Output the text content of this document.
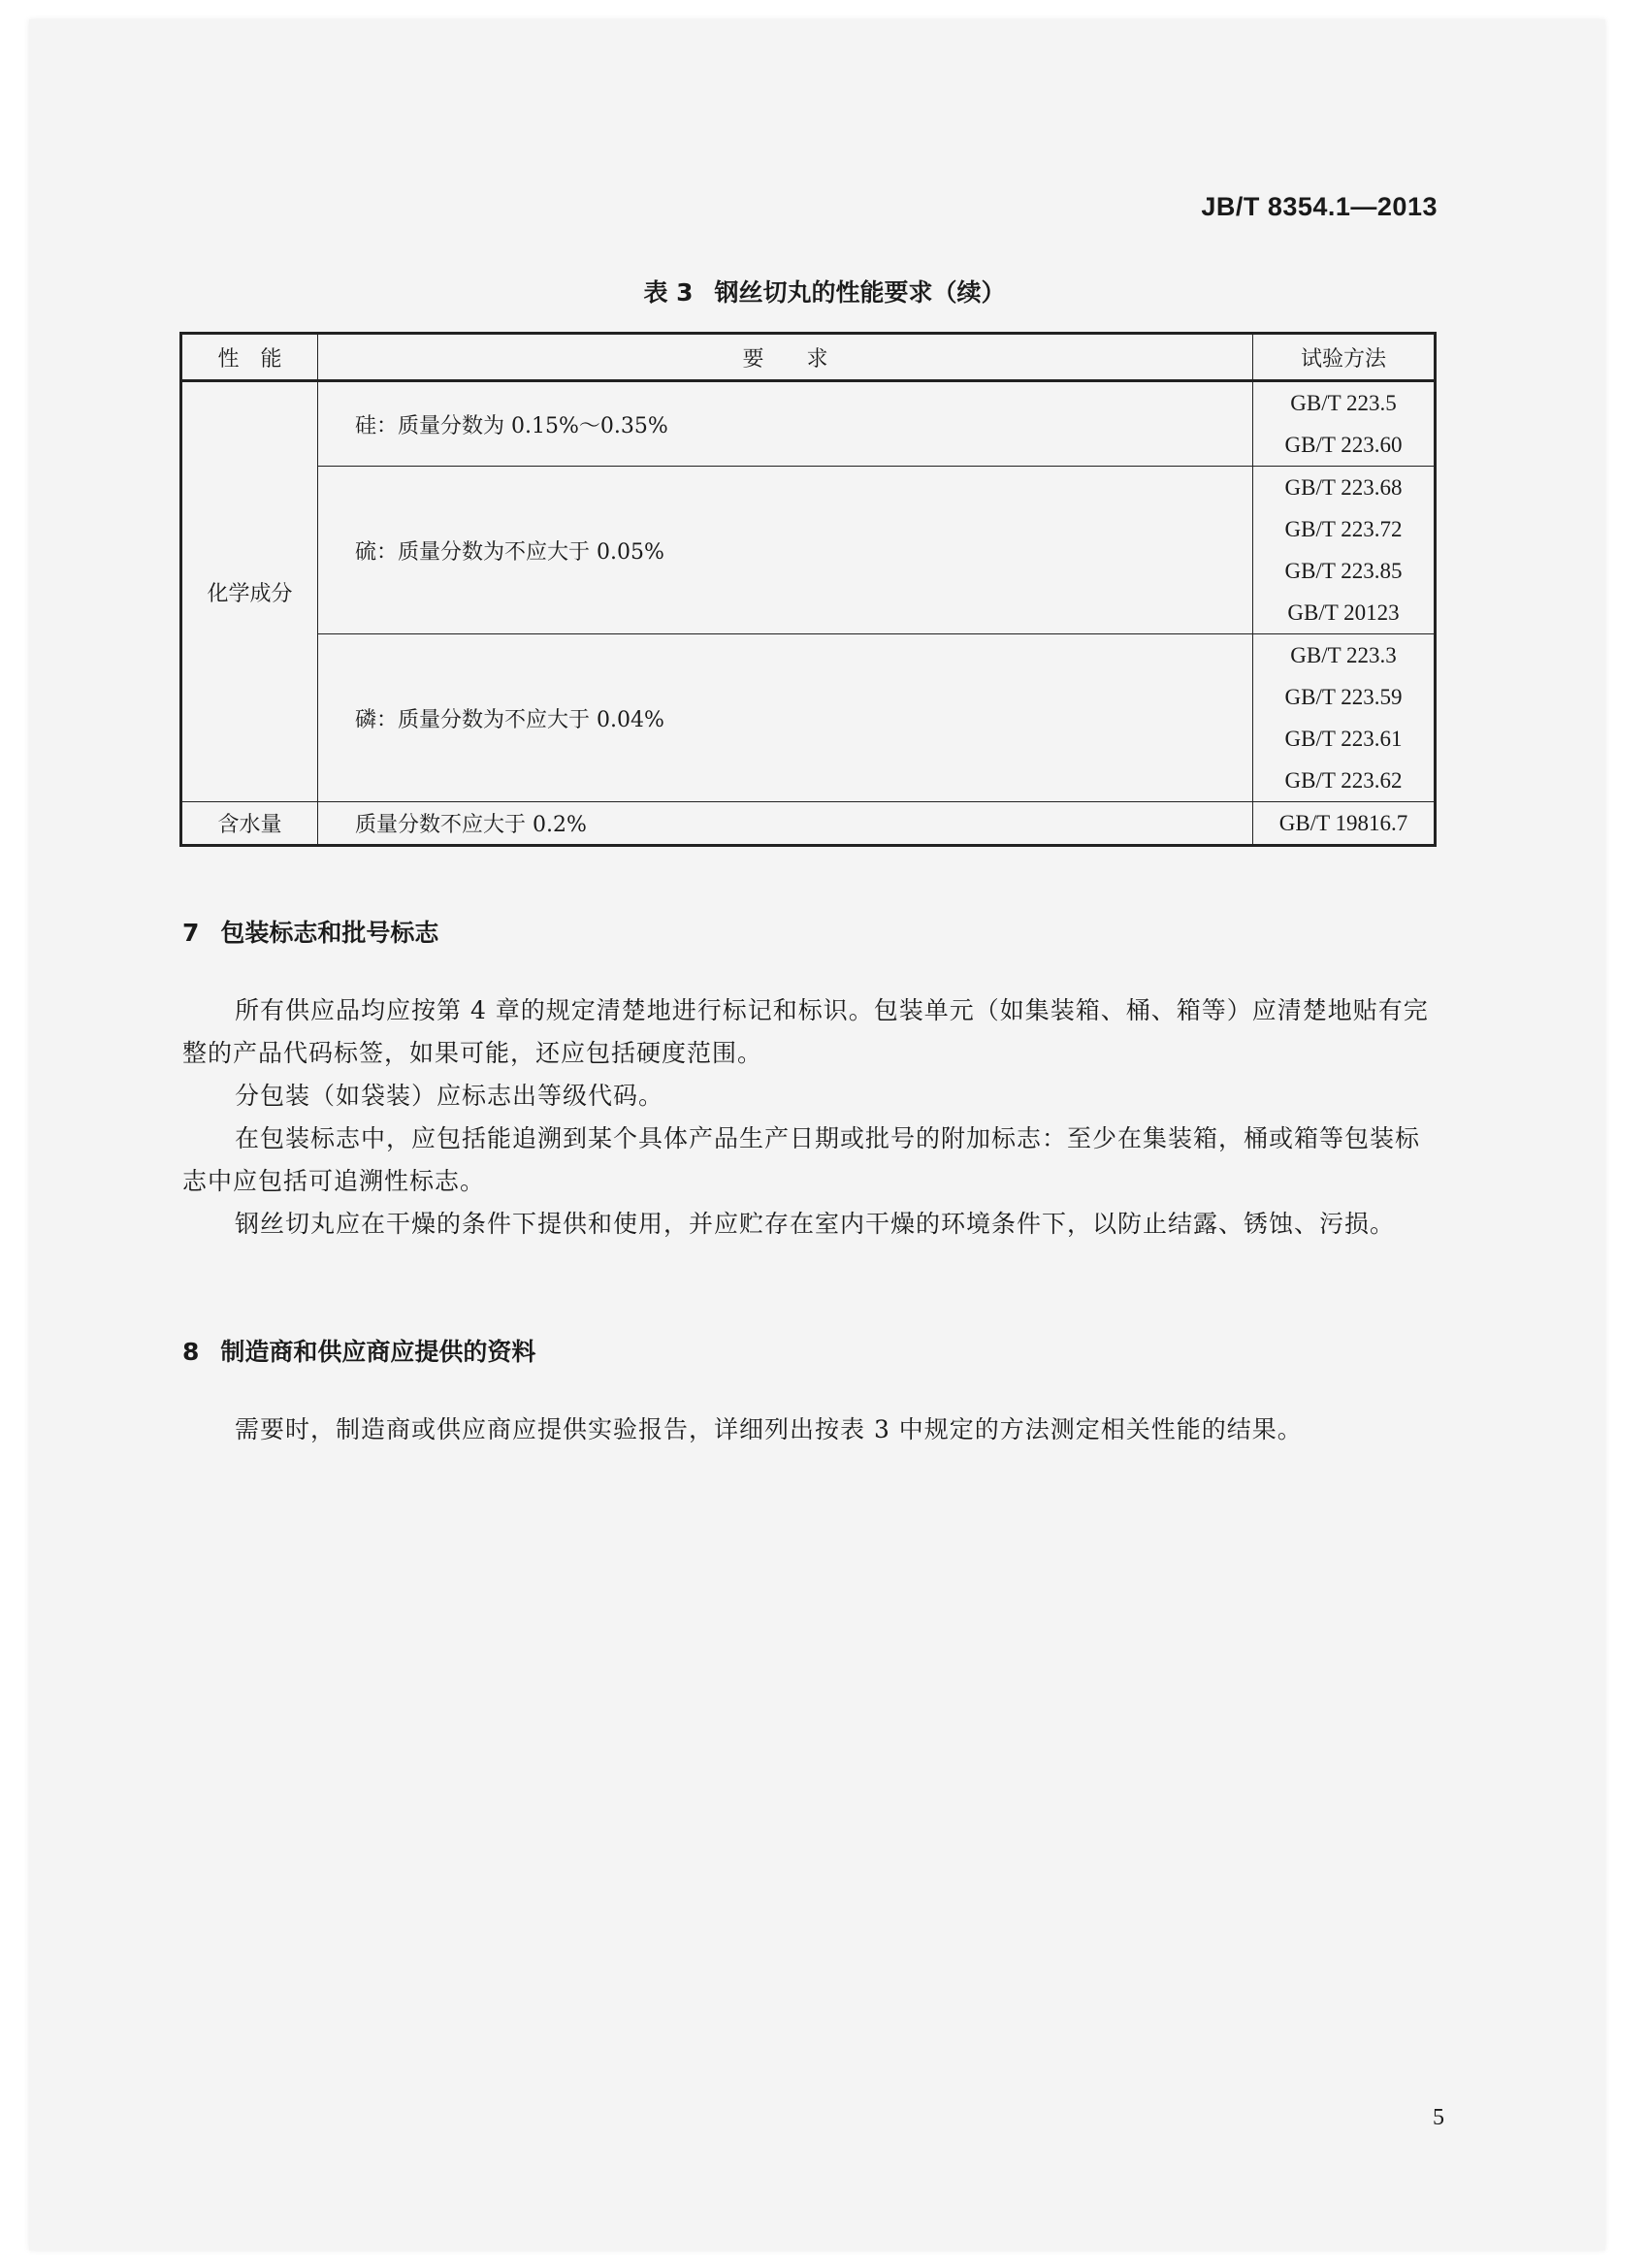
JB/T 8354.1—2013
表 3 钢丝切丸的性能要求（续）
性　能	要　　求	试验方法
化学成分	硅：质量分数为 0.15%～0.35%	GB/T 223.5
GB/T 223.60

	硫：质量分数为不应大于 0.05%	GB/T 223.68
GB/T 223.72
GB/T 223.85
GB/T 20123

	磷：质量分数为不应大于 0.04%	GB/T 223.3
GB/T 223.59
GB/T 223.61
GB/T 223.62

含水量	质量分数不应大于 0.2%	GB/T 19816.7
7 包装标志和批号标志
所有供应品均应按第 4 章的规定清楚地进行标记和标识。包装单元（如集装箱、桶、箱等）应清楚地贴有完整的产品代码标签，如果可能，还应包括硬度范围。
分包装（如袋装）应标志出等级代码。
在包装标志中，应包括能追溯到某个具体产品生产日期或批号的附加标志：至少在集装箱，桶或箱等包装标志中应包括可追溯性标志。
钢丝切丸应在干燥的条件下提供和使用，并应贮存在室内干燥的环境条件下，以防止结露、锈蚀、污损。
8 制造商和供应商应提供的资料
需要时，制造商或供应商应提供实验报告，详细列出按表 3 中规定的方法测定相关性能的结果。
5
